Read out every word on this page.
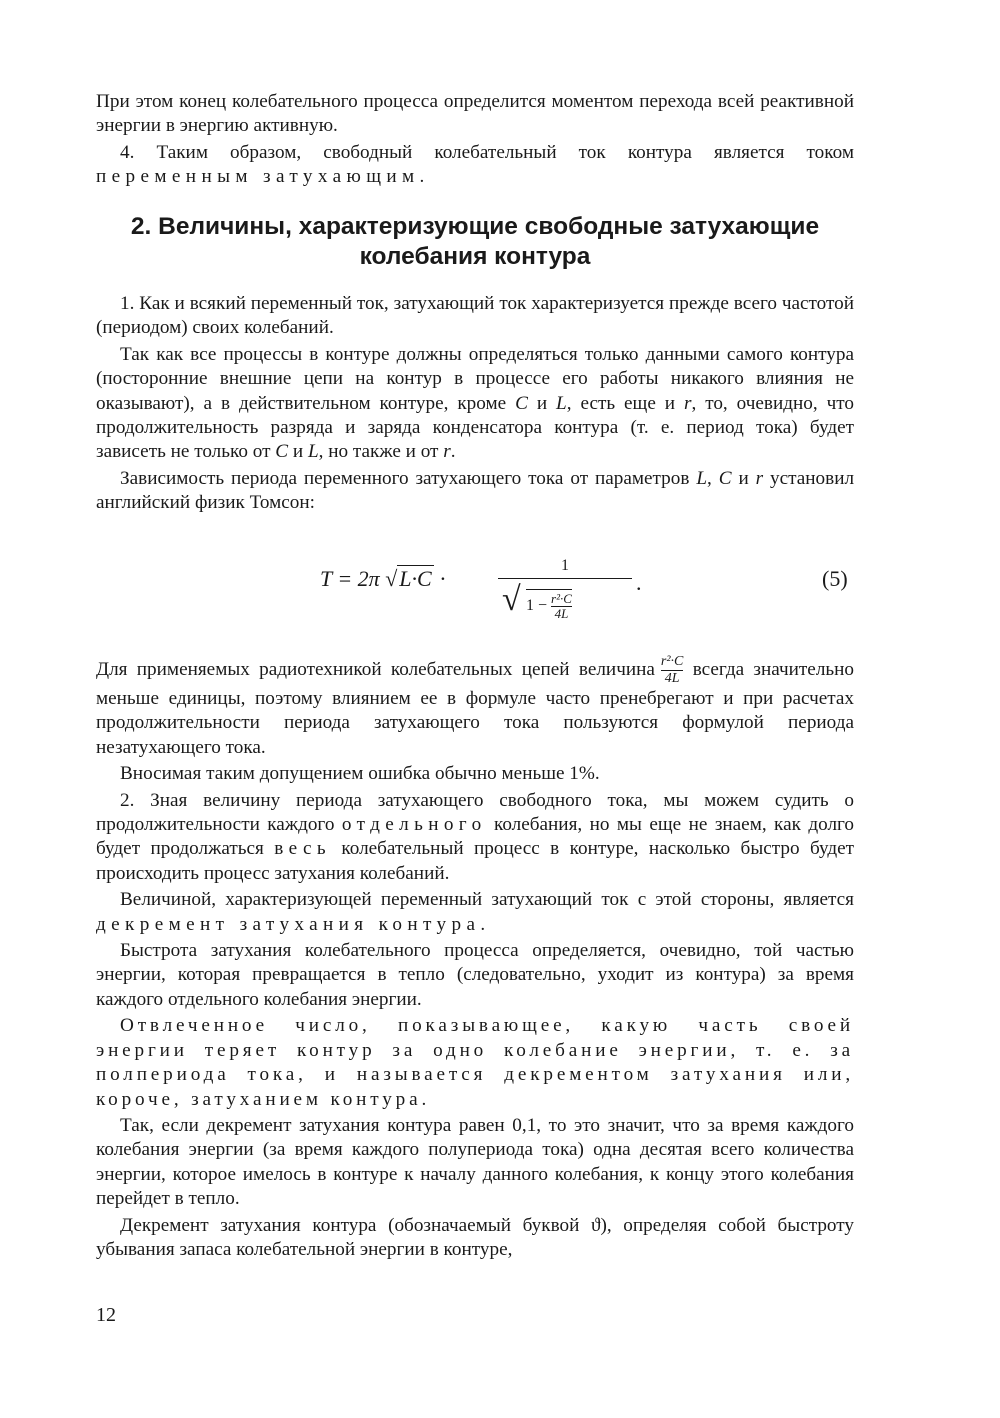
При этом конец колебательного процесса определится моментом перехода всей реактивной энергии в энергию активную.

4. Таким образом, свободный колебательный ток контура является током переменным затухающим.

2. Величины, характеризующие свободные затухающие колебания контура

1. Как и всякий переменный ток, затухающий ток характеризуется прежде всего частотой (периодом) своих колебаний.

Так как все процессы в контуре должны определяться только данными самого контура (посторонние внешние цепи на контур в процессе его работы никакого влияния не оказывают), а в действительном контуре, кроме C и L, есть еще и r, то, очевидно, что продолжительность разряда и заряда конденсатора контура (т. е. период тока) будет зависеть не только от C и L, но также и от r.

Зависимость периода переменного затухающего тока от параметров L, C и r установил английский физик Томсон:

T = 2π √L·C ·
1
√ $1 - \frac{\text{r²·C}}{4L}$
.	(5)

Для применяемых радиотехникой колебательных цепей величина $\frac{\text{r²·C}}{4L}$ всегда значительно меньше единицы, поэтому влиянием ее в формуле часто пренебрегают и при расчетах продолжительности периода затухающего тока пользуются формулой периода незатухающего тока.

Вносимая таким допущением ошибка обычно меньше 1%.

2. Зная величину периода затухающего свободного тока, мы можем судить о продолжительности каждого отдельного колебания, но мы еще не знаем, как долго будет продолжаться весь колебательный процесс в контуре, насколько быстро будет происходить процесс затухания колебаний.

Величиной, характеризующей переменный затухающий ток с этой стороны, является декремент затухания контура.

Быстрота затухания колебательного процесса определяется, очевидно, той частью энергии, которая превращается в тепло (следовательно, уходит из контура) за время каждого отдельного колебания энергии.

Отвлеченное число, показывающее, какую часть своей энергии теряет контур за одно колебание энергии, т. е. за полпериода тока, и называется декрементом затухания или, короче, затуханием контура.

Так, если декремент затухания контура равен 0,1, то это значит, что за время каждого колебания энергии (за время каждого полупериода тока) одна десятая всего количества энергии, которое имелось в контуре к началу данного колебания, к концу этого колебания перейдет в тепло.

Декремент затухания контура (обозначаемый буквой ϑ), определяя собой быстроту убывания запаса колебательной энергии в контуре,

12
